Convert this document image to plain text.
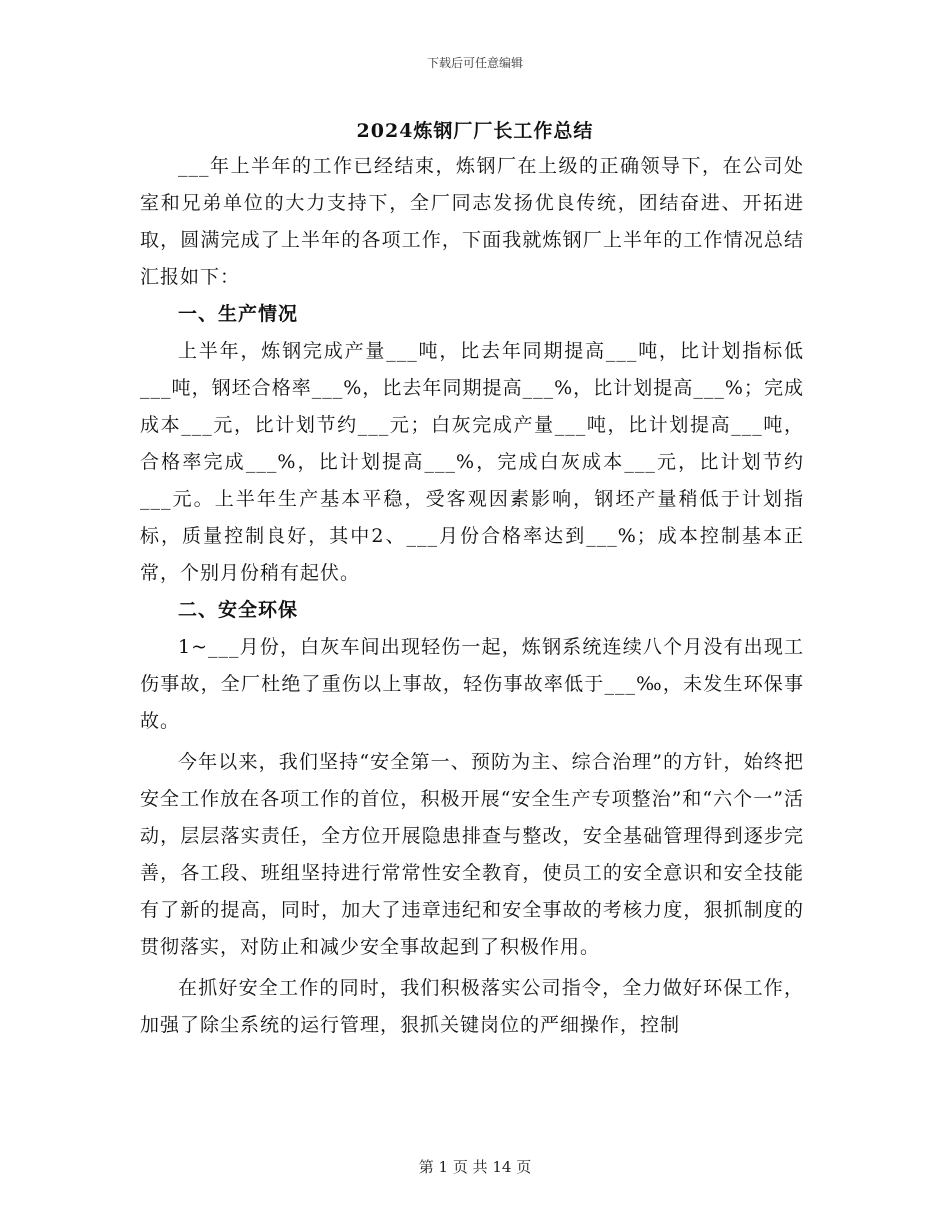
下载后可任意编辑
2024炼钢厂厂长工作总结

___年上半年的工作已经结束，炼钢厂在上级的正确领导下，在公司处室和兄弟单位的大力支持下，全厂同志发扬优良传统，团结奋进、开拓进取，圆满完成了上半年的各项工作，下面我就炼钢厂上半年的工作情况总结汇报如下：

一、生产情况

上半年，炼钢完成产量___吨，比去年同期提高___吨，比计划指标低___吨，钢坯合格率___%，比去年同期提高___%，比计划提高___%；完成成本___元，比计划节约___元；白灰完成产量___吨，比计划提高___吨，合格率完成___%，比计划提高___%，完成白灰成本___元，比计划节约___元。上半年生产基本平稳，受客观因素影响，钢坯产量稍低于计划指标，质量控制良好，其中2、___月份合格率达到___%；成本控制基本正常，个别月份稍有起伏。

二、安全环保

1~___月份，白灰车间出现轻伤一起，炼钢系统连续八个月没有出现工伤事故，全厂杜绝了重伤以上事故，轻伤事故率低于___‰，未发生环保事故。

今年以来，我们坚持“安全第一、预防为主、综合治理”的方针，始终把安全工作放在各项工作的首位，积极开展“安全生产专项整治”和“六个一”活动，层层落实责任，全方位开展隐患排查与整改，安全基础管理得到逐步完善，各工段、班组坚持进行常常性安全教育，使员工的安全意识和安全技能有了新的提高，同时，加大了违章违纪和安全事故的考核力度，狠抓制度的贯彻落实，对防止和减少安全事故起到了积极作用。

在抓好安全工作的同时，我们积极落实公司指令，全力做好环保工作，加强了除尘系统的运行管理，狠抓关键岗位的严细操作，控制

第 1 页 共 14 页
